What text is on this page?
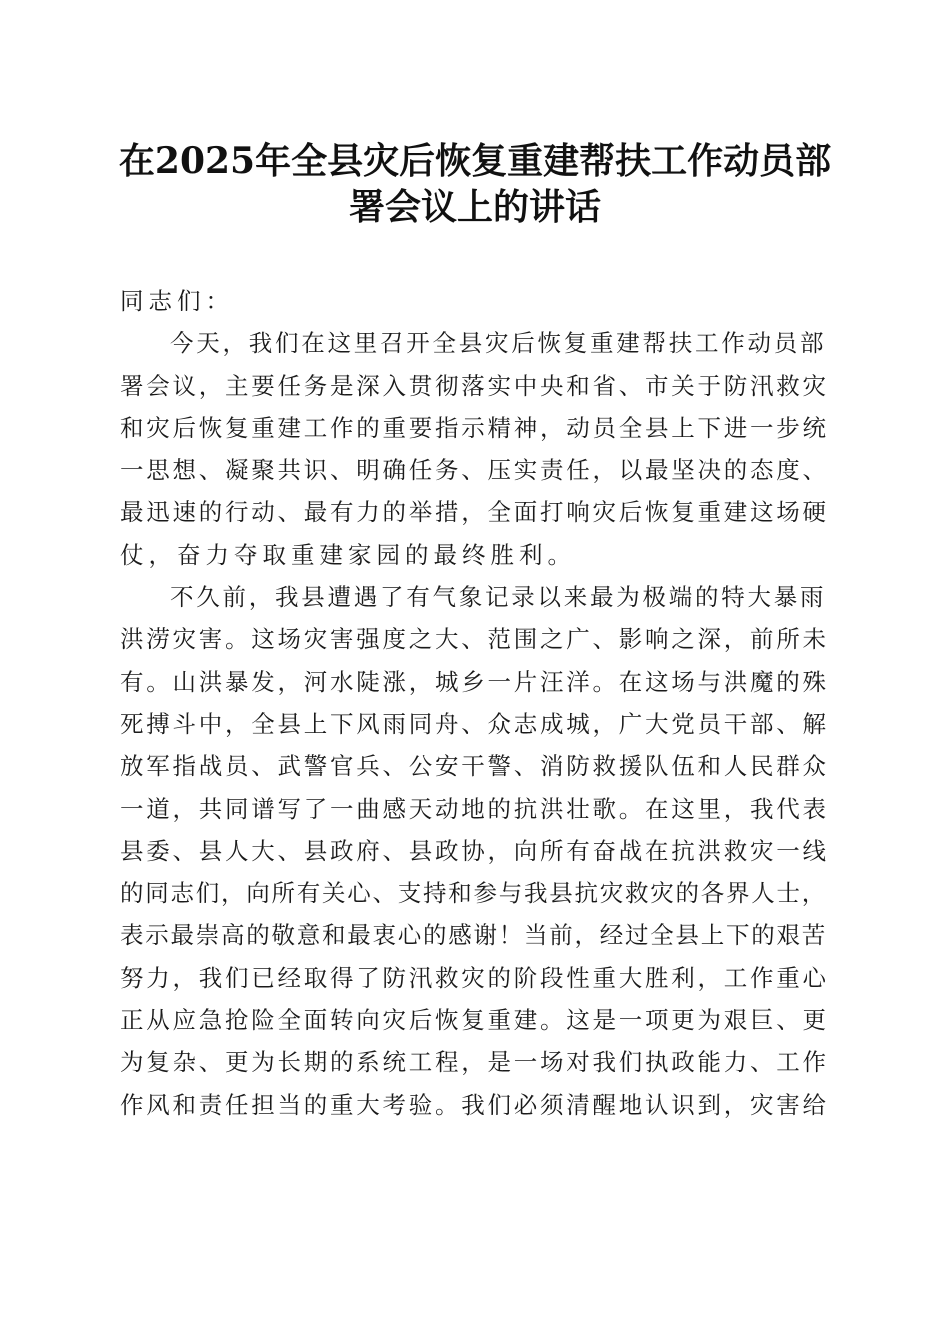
在2025年全县灾后恢复重建帮扶工作动员部
署会议上的讲话
同志们：
今天，我们在这里召开全县灾后恢复重建帮扶工作动员部
署会议，主要任务是深入贯彻落实中央和省、市关于防汛救灾
和灾后恢复重建工作的重要指示精神，动员全县上下进一步统
一思想、凝聚共识、明确任务、压实责任，以最坚决的态度、
最迅速的行动、最有力的举措，全面打响灾后恢复重建这场硬
仗，奋力夺取重建家园的最终胜利。
不久前，我县遭遇了有气象记录以来最为极端的特大暴雨
洪涝灾害。这场灾害强度之大、范围之广、影响之深，前所未
有。山洪暴发，河水陡涨，城乡一片汪洋。在这场与洪魔的殊
死搏斗中，全县上下风雨同舟、众志成城，广大党员干部、解
放军指战员、武警官兵、公安干警、消防救援队伍和人民群众
一道，共同谱写了一曲感天动地的抗洪壮歌。在这里，我代表
县委、县人大、县政府、县政协，向所有奋战在抗洪救灾一线
的同志们，向所有关心、支持和参与我县抗灾救灾的各界人士，
表示最崇高的敬意和最衷心的感谢！当前，经过全县上下的艰苦
努力，我们已经取得了防汛救灾的阶段性重大胜利，工作重心
正从应急抢险全面转向灾后恢复重建。这是一项更为艰巨、更
为复杂、更为长期的系统工程，是一场对我们执政能力、工作
作风和责任担当的重大考验。我们必须清醒地认识到，灾害给
